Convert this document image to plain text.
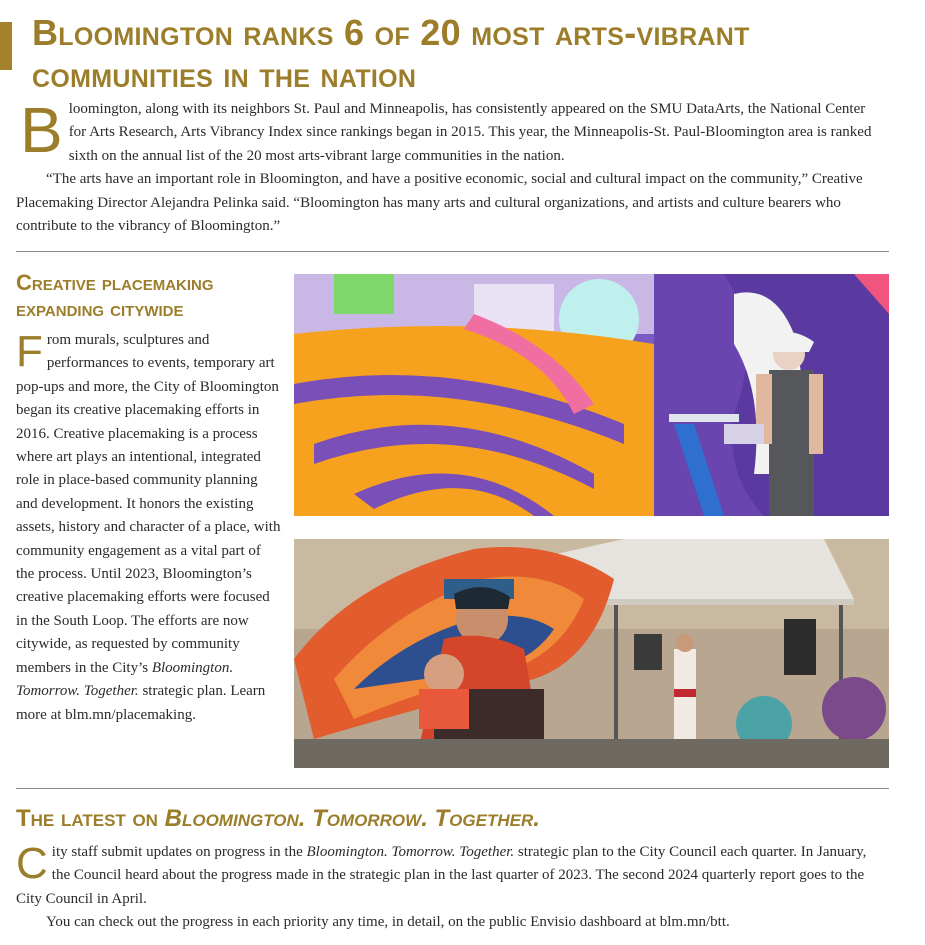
Bloomington ranks 6 of 20 most arts-vibrant communities in the nation
B loomington, along with its neighbors St. Paul and Minneapolis, has consistently appeared on the SMU DataArts, the National Center for Arts Research, Arts Vibrancy Index since rankings began in 2015. This year, the Minneapolis-St. Paul-Bloomington area is ranked sixth on the annual list of the 20 most arts-vibrant large communities in the nation.
“The arts have an important role in Bloomington, and have a positive economic, social and cultural impact on the community,” Creative Placemaking Director Alejandra Pelinka said. “Bloomington has many arts and cultural organizations, and artists and culture bearers who contribute to the vibrancy of Bloomington.”
Creative placemaking expanding citywide
From murals, sculptures and performances to events, temporary art pop-ups and more, the City of Bloomington began its creative placemaking efforts in 2016. Creative placemaking is a process where art plays an intentional, integrated role in place-based community planning and development. It honors the existing assets, history and character of a place, with community engagement as a vital part of the process. Until 2023, Bloomington’s creative placemaking efforts were focused in the South Loop. The efforts are now citywide, as requested by community members in the City’s Bloomington. Tomorrow. Together. strategic plan. Learn more at blm.mn/placemaking.
The latest on Bloomington. Tomorrow. Together.
City staff submit updates on progress in the Bloomington. Tomorrow. Together. strategic plan to the City Council each quarter. In January, the Council heard about the progress made in the strategic plan in the last quarter of 2023. The second 2024 quarterly report goes to the City Council in April.
You can check out the progress in each priority any time, in detail, on the public Envisio dashboard at blm.mn/btt.
